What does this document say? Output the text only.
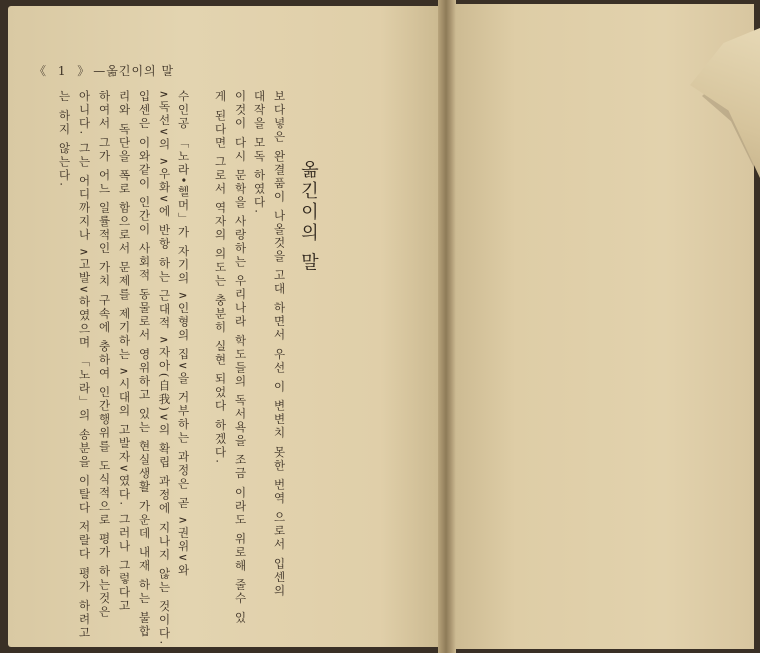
《 1 》—옮긴이의 말
옮긴이의 말
보다넣은 완결품이 나올것을 고대 하면서 우선 이 변변치 못한 번역 으로서 입센의
대작을 모독 하였다.
이것이 다시 문학을 사랑하는 우리나라 학도들의 독서욕을 조금 이라도 위로해 줄수 있
게 된다면 그로서 역자의 의도는 충분히 실현 되었다 하겠다.
수인공 「노라•헬머」가 자기의 ∧인형의 집∨을 거부하는 과정은 곧 ∧권위∨와
∧독선∨의 ∧우화∨에 반항 하는 근대적 ∧자아(自我)∨의 확립 과정에 지나지 않는 것이다.
입센은 이와같이 인간이 사회적 동물로서 영위하고 있는 현실생활 가운데 내재 하는 불합
리와 독단을 폭로 함으로서 문제를 제기하는 ∧시대의 고발자∨였다. 그러나 그렇다고
하여서 그가 어느 일률적인 가치 구속에 충하여 인간행위를 도식적으로 평가 하는것은
아니다. 그는 어디까지나 ∧고발∨하였으며 「노라」의 송분을 이탈다 저랄다 평가 하려고
는 하지 않는다.
